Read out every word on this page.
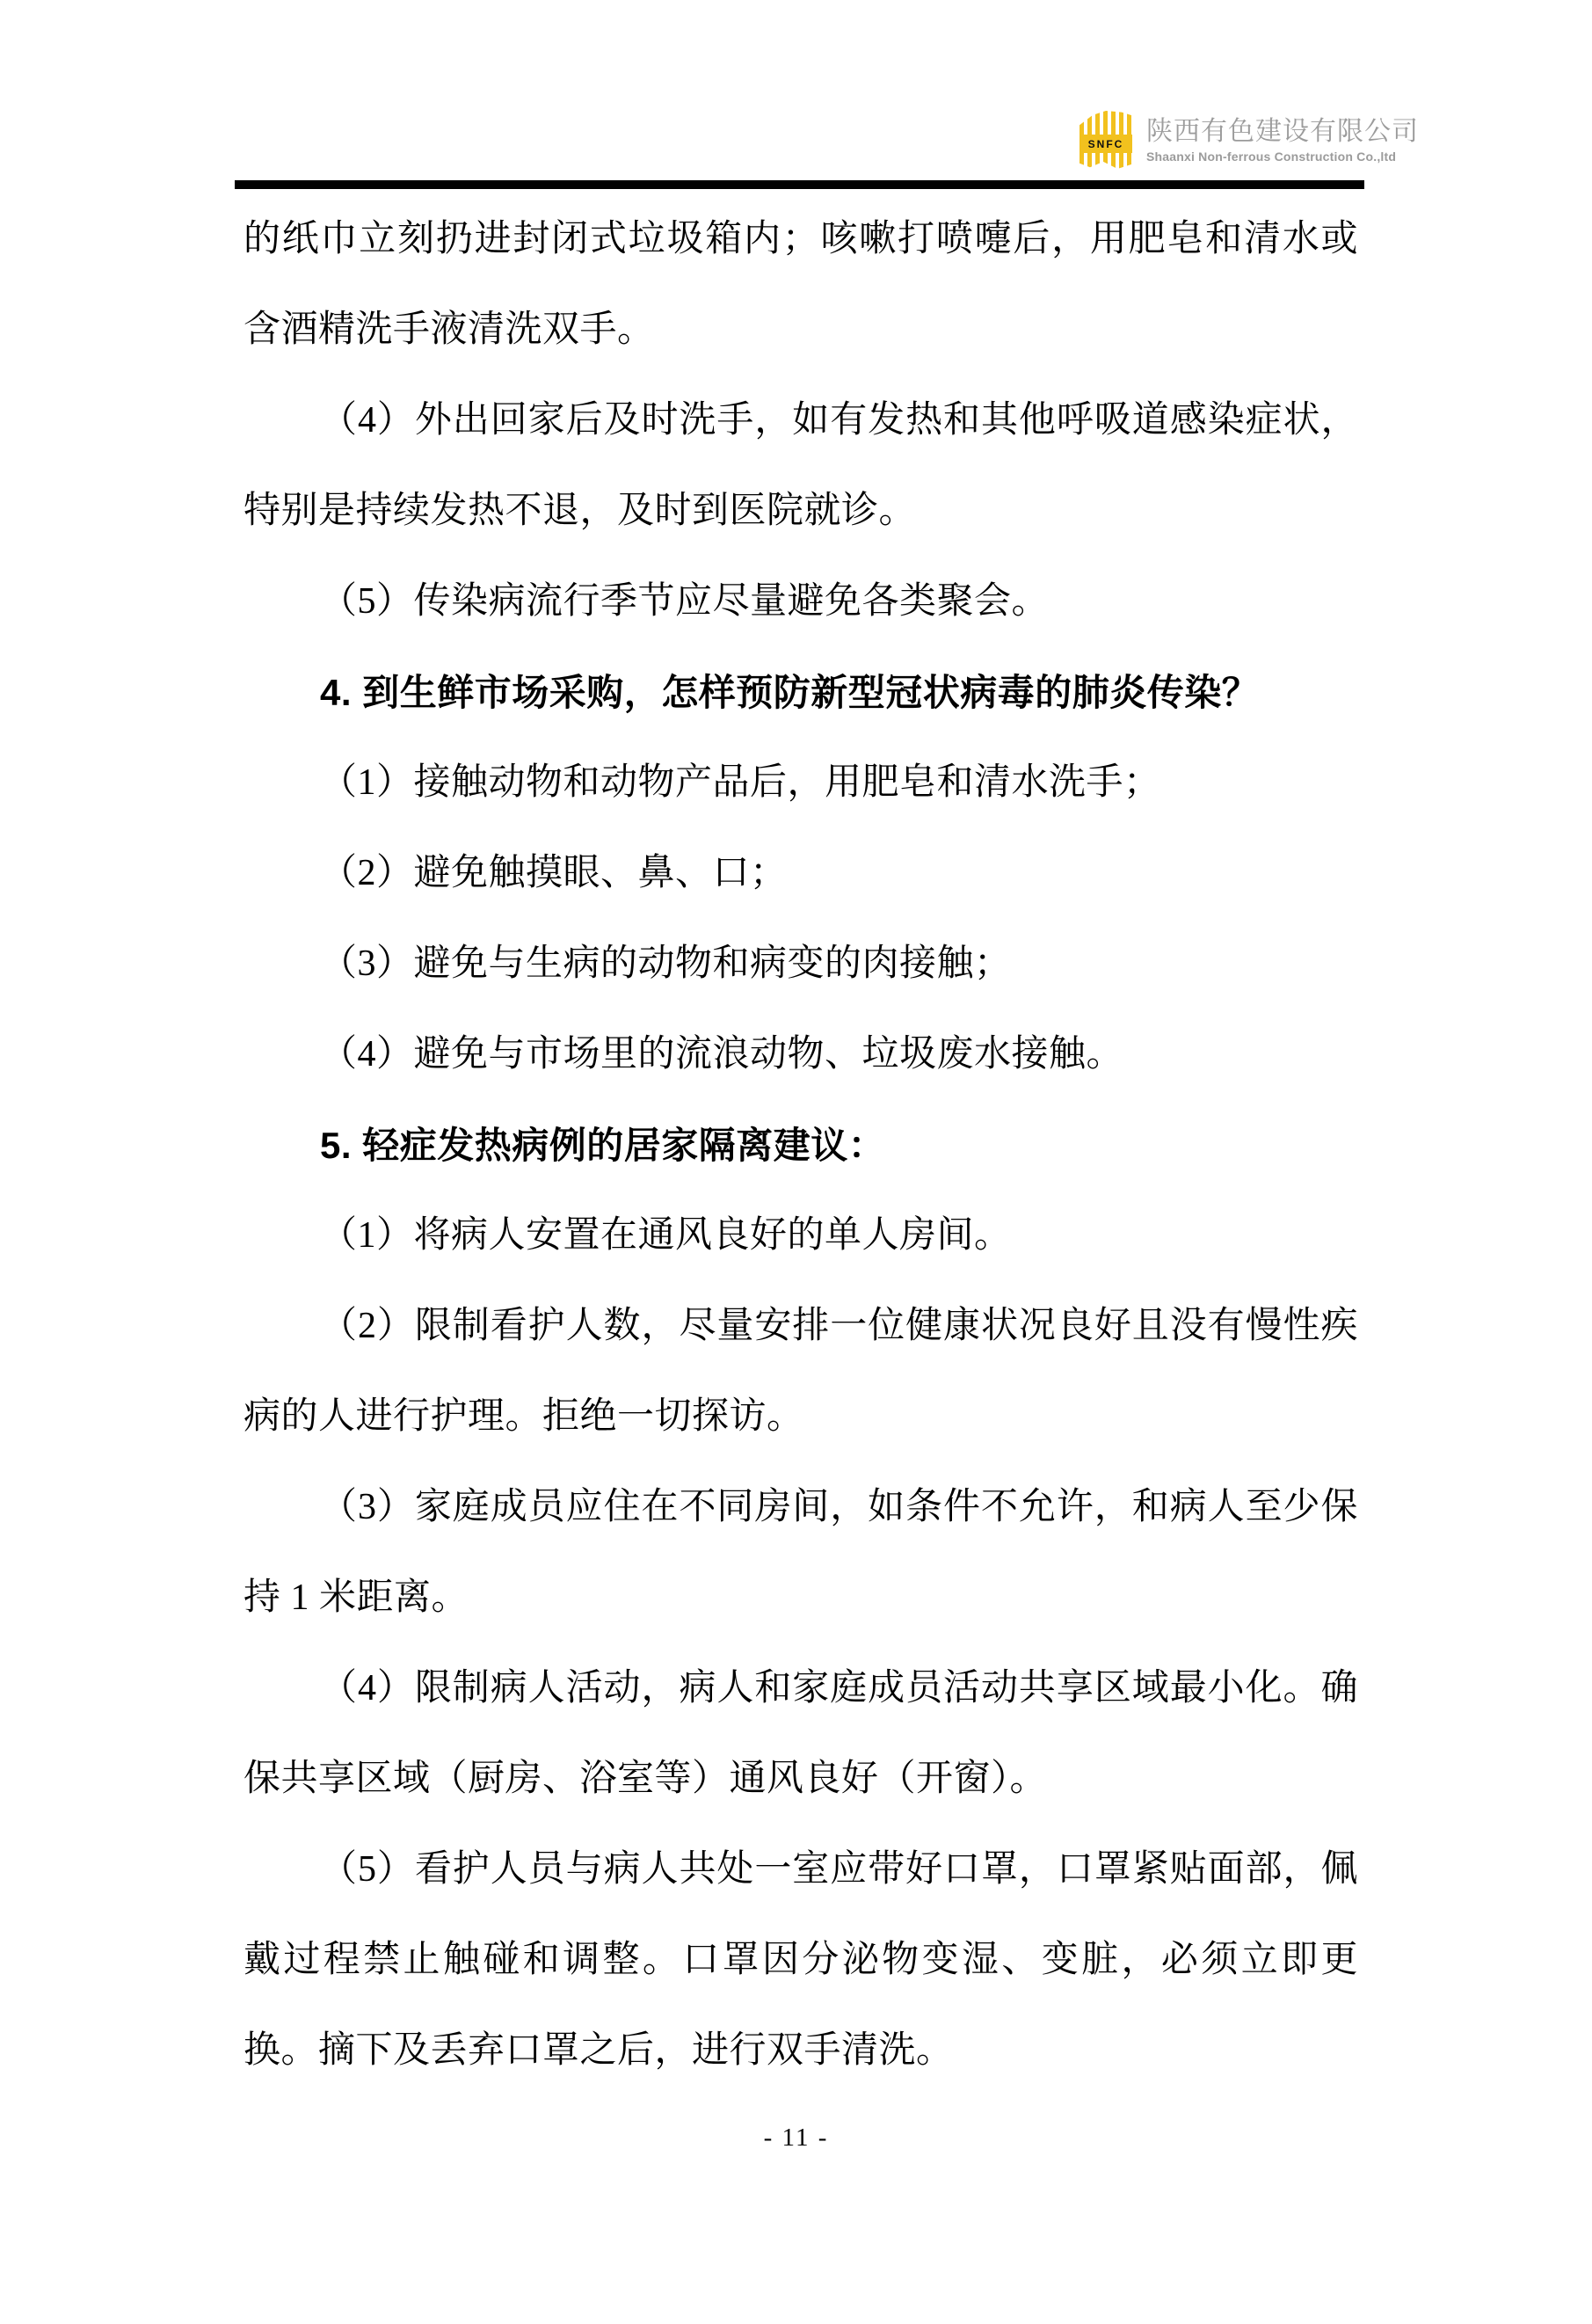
SNFC 陕西有色建设有限公司
Shaanxi Non-ferrous Construction Co.,ltd

的纸巾立刻扔进封闭式垃圾箱内；咳嗽打喷嚏后，用肥皂和清水或含酒精洗手液清洗双手。

（4）外出回家后及时洗手，如有发热和其他呼吸道感染症状，特别是持续发热不退，及时到医院就诊。

（5）传染病流行季节应尽量避免各类聚会。

4. 到生鲜市场采购，怎样预防新型冠状病毒的肺炎传染？

（1）接触动物和动物产品后，用肥皂和清水洗手；

（2）避免触摸眼、鼻、口；

（3）避免与生病的动物和病变的肉接触；

（4）避免与市场里的流浪动物、垃圾废水接触。

5. 轻症发热病例的居家隔离建议：

（1）将病人安置在通风良好的单人房间。

（2）限制看护人数，尽量安排一位健康状况良好且没有慢性疾病的人进行护理。拒绝一切探访。

（3）家庭成员应住在不同房间，如条件不允许，和病人至少保持 1 米距离。

（4）限制病人活动，病人和家庭成员活动共享区域最小化。确保共享区域（厨房、浴室等）通风良好（开窗）。

（5）看护人员与病人共处一室应带好口罩，口罩紧贴面部，佩戴过程禁止触碰和调整。口罩因分泌物变湿、变脏，必须立即更换。摘下及丢弃口罩之后，进行双手清洗。

- 11 -
